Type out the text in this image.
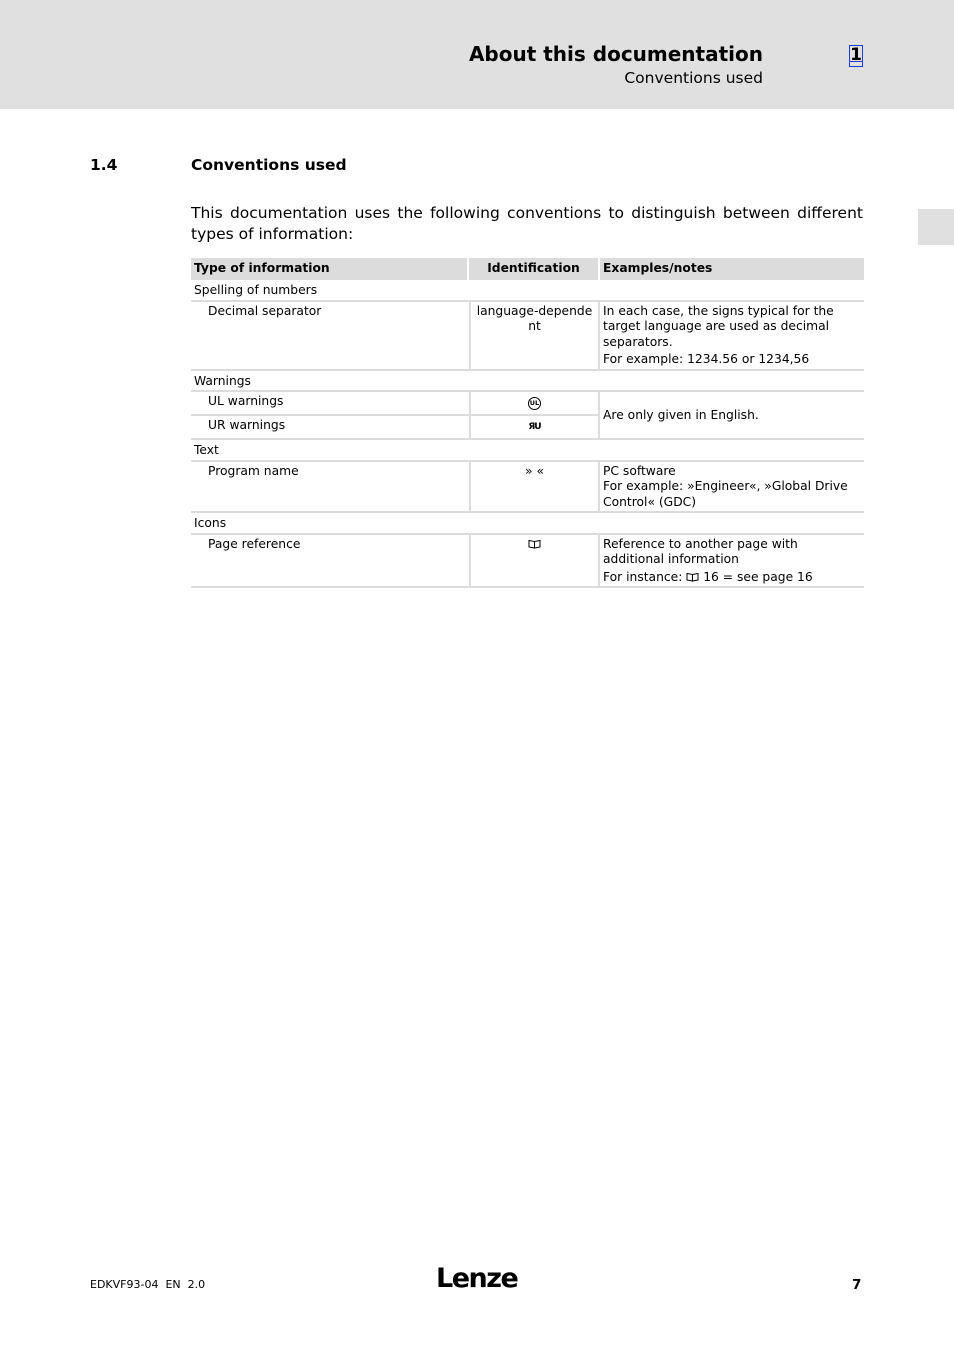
About this documentation
Conventions used
1
1.4	Conventions used
This documentation uses the following conventions to distinguish between different types of information:
Type of information	Identification	Examples/notes
Spelling of numbers		
Decimal separator	language-dependent	In each case, the signs typical for the target language are used as decimal separators.
For example: 1234.56 or 1234,56

Warnings		
UL warnings	UL	Are only given in English.
UR warnings	ЯU	
Text		
Program name	» «	PC software
For example: »Engineer«, »Global Drive Control« (GDC)

Icons		
Page reference		Reference to another page with additional information
For instance: 16 = see page 16
EDKVF93-04 EN 2.0	Lenze	7
